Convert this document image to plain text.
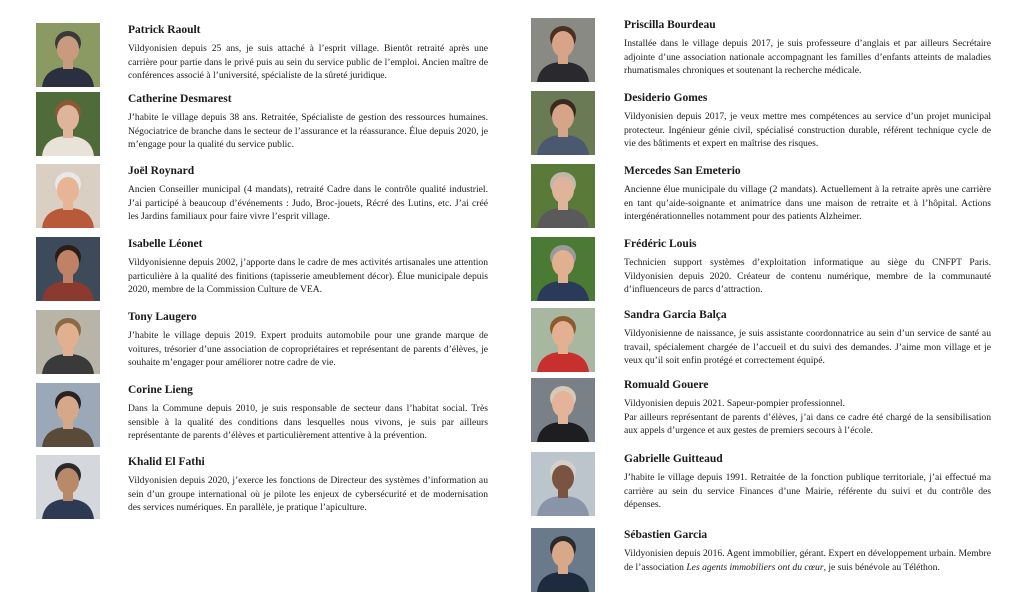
Patrick Raoult

Vildyonisien depuis 25 ans, je suis attaché à l’esprit village. Bientôt retraité après une carrière pour partie dans le privé puis au sein du service public de l’emploi. Ancien maître de conférences associé à l’université, spécialiste de la sûreté juridique.

Catherine Desmarest

J’habite le village depuis 38 ans. Retraitée, Spécialiste de gestion des ressources humaines. Négociatrice de branche dans le secteur de l’assurance et la réassurance. Élue depuis 2020, je m’engage pour la qualité du service public.

Joël Roynard

Ancien Conseiller municipal (4 mandats), retraité Cadre dans le contrôle qualité industriel. J’ai participé à beaucoup d’événements : Judo, Broc-jouets, Récré des Lutins, etc. J’ai créé les Jardins familiaux pour faire vivre l’esprit village.

Isabelle Léonet

Vildyonisienne depuis 2002, j’apporte dans le cadre de mes activités artisanales une attention particulière à la qualité des finitions (tapisserie ameublement décor). Élue municipale depuis 2020, membre de la Commission Culture de VEA.

Tony Laugero

J’habite le village depuis 2019. Expert produits automobile pour une grande marque de voitures, trésorier d’une association de copropriétaires et représentant de parents d’élèves, je souhaite m’engager pour améliorer notre cadre de vie.

Corine Lieng

Dans la Commune depuis 2010, je suis responsable de secteur dans l’habitat social. Très sensible à la qualité des conditions dans lesquelles nous vivons, je suis par ailleurs représentante de parents d’élèves et particulièrement attentive à la prévention.

Khalid El Fathi

Vildyonisien depuis 2020, j’exerce les fonctions de Directeur des systèmes d’information au sein d’un groupe international où je pilote les enjeux de cybersécurité et de modernisation des services numériques. En parallèle, je pratique l’apiculture.

Priscilla Bourdeau

Installée dans le village depuis 2017, je suis professeure d’anglais et par ailleurs Secrétaire adjointe d’une association nationale accompagnant les familles d’enfants atteints de maladies rhumatismales chroniques et soutenant la recherche médicale.

Desiderio Gomes

Vildyonisien depuis 2017, je veux mettre mes compétences au service d’un projet municipal protecteur. Ingénieur génie civil, spécialisé construction durable, référent technique cycle de vie des bâtiments et expert en maîtrise des risques.

Mercedes San Emeterio

Ancienne élue municipale du village (2 mandats). Actuellement à la retraite après une carrière en tant qu’aide-soignante et animatrice dans une maison de retraite et à l’hôpital. Actions intergénérationnelles notamment pour des patients Alzheimer.

Frédéric Louis

Technicien support systèmes d’exploitation informatique au siège du CNFPT Paris. Vildyonisien depuis 2020. Créateur de contenu numérique, membre de la communauté d’influenceurs de parcs d’attraction.

Sandra Garcia Balça

Vildyonisienne de naissance, je suis assistante coordonnatrice au sein d’un service de santé au travail, spécialement chargée de l’accueil et du suivi des demandes. J’aime mon village et je veux qu’il soit enfin protégé et correctement équipé.

Romuald Gouere

Vildyonisien depuis 2021. Sapeur-pompier professionnel.
Par ailleurs représentant de parents d’élèves, j’ai dans ce cadre été chargé de la sensibilisation aux appels d’urgence et aux gestes de premiers secours à l’école.

Gabrielle Guitteaud

J’habite le village depuis 1991. Retraitée de la fonction publique territoriale, j’ai effectué ma carrière au sein du service Finances d’une Mairie, référente du suivi et du contrôle des dépenses.

Sébastien Garcia

Vildyonisien depuis 2016. Agent immobilier, gérant. Expert en développement urbain. Membre de l’association Les agents immobiliers ont du cœur, je suis bénévole au Téléthon.
